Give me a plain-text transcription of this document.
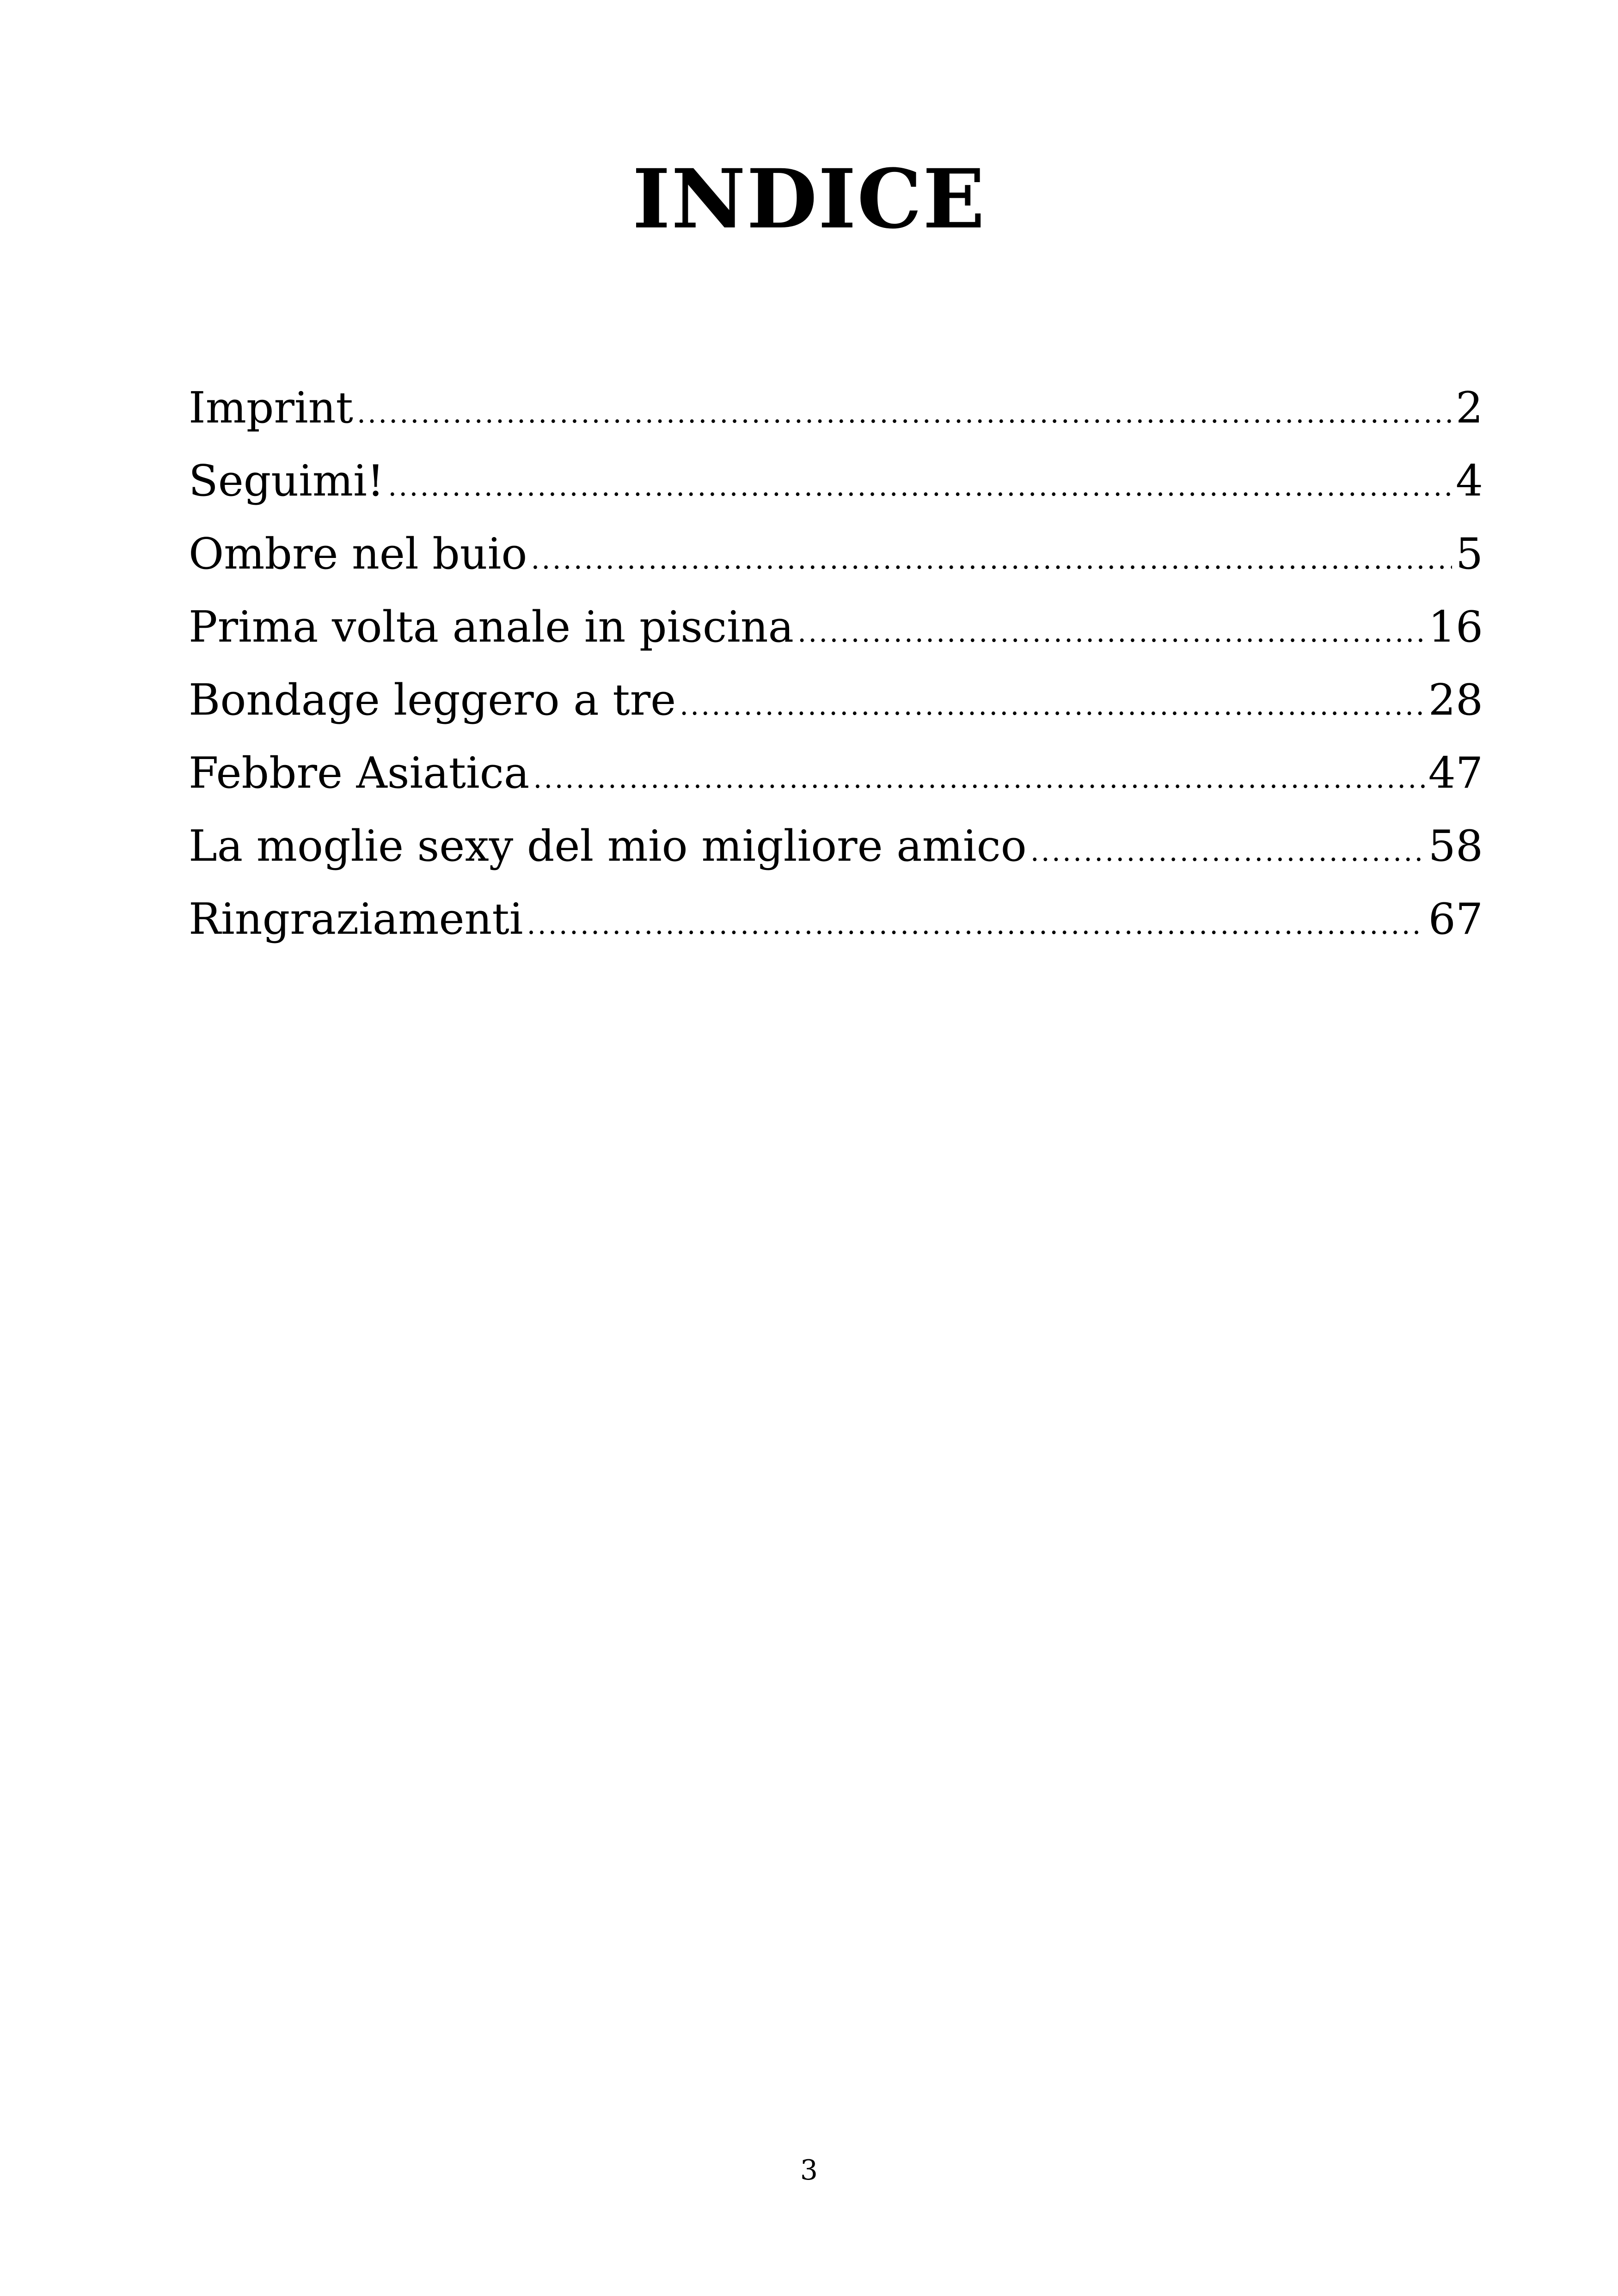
INDICE
Imprint .....	2
Seguimi! .....	4
Ombre nel buio .....	5
Prima volta anale in piscina .....	16
Bondage leggero a tre .....	28
Febbre Asiatica .....	47
La moglie sexy del mio migliore amico .....	58
Ringraziamenti .....	67
3
